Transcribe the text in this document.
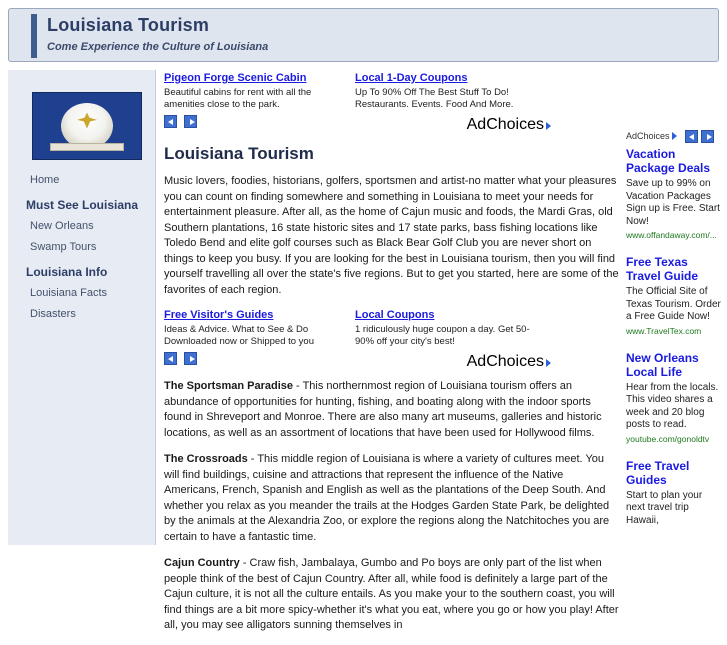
Louisiana Tourism
Come Experience the Culture of Louisiana
Home
Must See Louisiana
New Orleans
Swamp Tours
Louisiana Info
Louisiana Facts
Disasters
Pigeon Forge Scenic Cabin
Beautiful cabins for rent with all the amenities close to the park.
Local 1-Day Coupons
Up To 90% Off The Best Stuff To Do! Restaurants. Events. Food And More.

AdChoices
Louisiana Tourism

Music lovers, foodies, historians, golfers, sportsmen and artist-no matter what your pleasures you can count on finding somewhere and something in Louisiana to meet your needs for entertainment pleasure. After all, as the home of Cajun music and foods, the Mardi Gras, old Southern plantations, 16 state historic sites and 17 state parks, bass fishing locations like Toledo Bend and elite golf courses such as Black Bear Golf Club you are never short on things to keep you busy. If you are looking for the best in Louisiana tourism, then you will find yourself travelling all over the state's five regions. But to get you started, here are some of the favorites of each region.

Free Visitor's Guides
Ideas & Advice. What to See & Do Downloaded now or Shipped to you
Local Coupons
1 ridiculously huge coupon a day. Get 50-90% off your city's best!

AdChoices

The Sportsman Paradise - This northernmost region of Louisiana tourism offers an abundance of opportunities for hunting, fishing, and boating along with the indoor sports found in Shreveport and Monroe. There are also many art museums, galleries and historic locations, as well as an assortment of locations that have been used for Hollywood films.

The Crossroads - This middle region of Louisiana is where a variety of cultures meet. You will find buildings, cuisine and attractions that represent the influence of the Native Americans, French, Spanish and English as well as the plantations of the Deep South. And whether you relax as you meander the trails at the Hodges Garden State Park, be delighted by the animals at the Alexandria Zoo, or explore the regions along the Natchitoches you are certain to have a fantastic time.

Cajun Country - Craw fish, Jambalaya, Gumbo and Po boys are only part of the list when people think of the best of Cajun Country. After all, while food is definitely a large part of the Cajun culture, it is not all the culture entails. As you make your to the southern coast, you will find things are a bit more spicy-whether it's what you eat, where you go or how you play! After all, you may see alligators sunning themselves in

AdChoices
Vacation Package Deals
Save up to 99% on Vacation Packages Sign up is Free. Start Now!
www.offandaway.com/...
Free Texas Travel Guide
The Official Site of Texas Tourism. Order a Free Guide Now!
www.TravelTex.com
New Orleans Local Life
Hear from the locals. This video shares a week and 20 blog posts to read.
youtube.com/gonoldtv
Free Travel Guides
Start to plan your next travel trip Hawaii,
